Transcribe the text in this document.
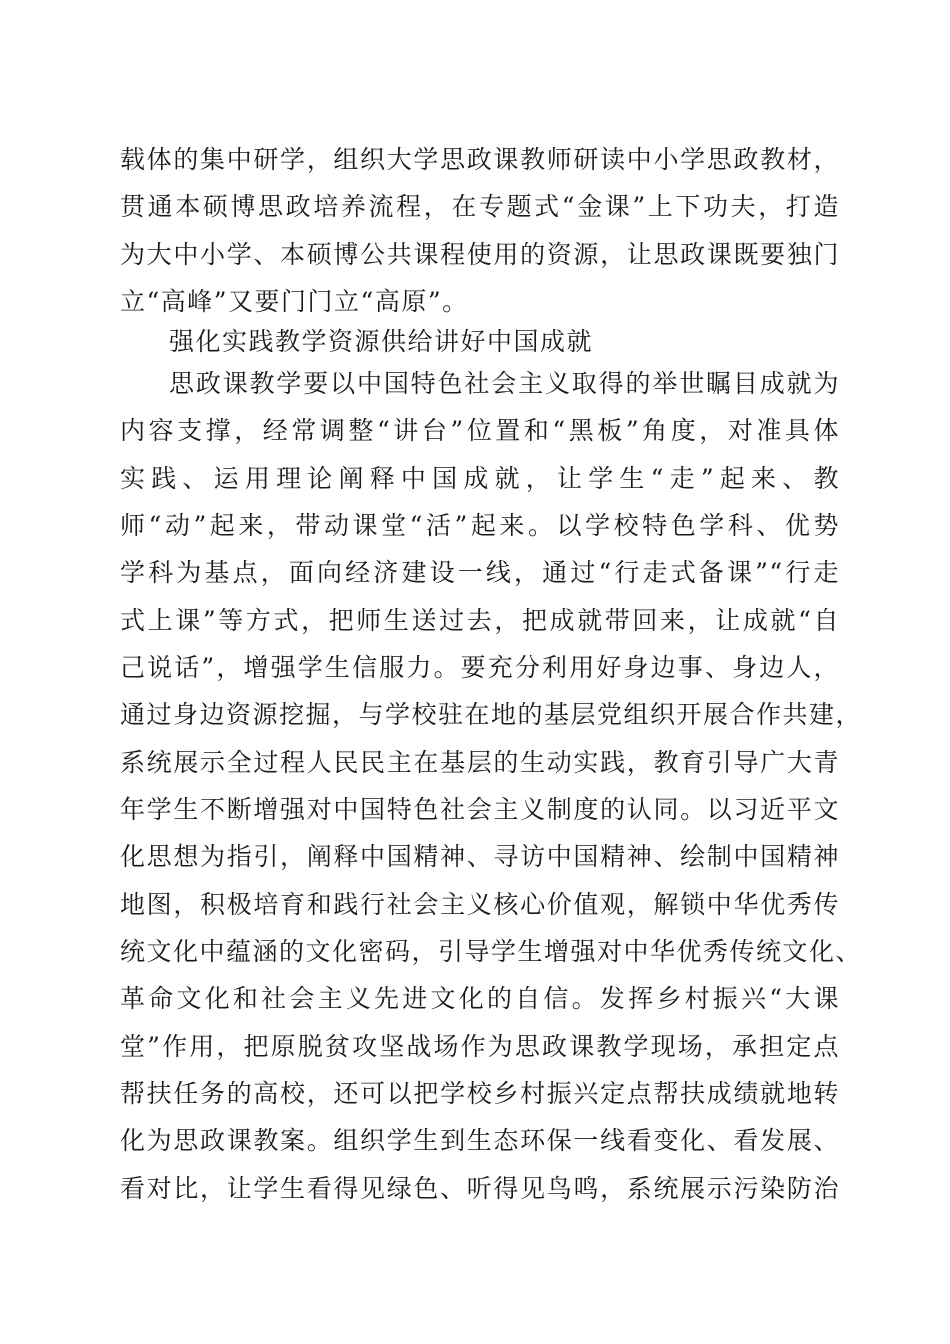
载体的集中研学，组织大学思政课教师研读中小学思政教材，
贯通本硕博思政培养流程，在专题式“金课”上下功夫，打造
为大中小学、本硕博公共课程使用的资源，让思政课既要独门
立“高峰”又要门门立“高原”。
强化实践教学资源供给讲好中国成就
思政课教学要以中国特色社会主义取得的举世瞩目成就为
内容支撑，经常调整“讲台”位置和“黑板”角度，对准具体
实践、运用理论阐释中国成就，让学生“走”起来、教
师“动”起来，带动课堂“活”起来。以学校特色学科、优势
学科为基点，面向经济建设一线，通过“行走式备课”“行走
式上课”等方式，把师生送过去，把成就带回来，让成就“自
己说话”，增强学生信服力。要充分利用好身边事、身边人，
通过身边资源挖掘，与学校驻在地的基层党组织开展合作共建，
系统展示全过程人民民主在基层的生动实践，教育引导广大青
年学生不断增强对中国特色社会主义制度的认同。以习近平文
化思想为指引，阐释中国精神、寻访中国精神、绘制中国精神
地图，积极培育和践行社会主义核心价值观，解锁中华优秀传
统文化中蕴涵的文化密码，引导学生增强对中华优秀传统文化、
革命文化和社会主义先进文化的自信。发挥乡村振兴“大课
堂”作用，把原脱贫攻坚战场作为思政课教学现场，承担定点
帮扶任务的高校，还可以把学校乡村振兴定点帮扶成绩就地转
化为思政课教案。组织学生到生态环保一线看变化、看发展、
看对比，让学生看得见绿色、听得见鸟鸣，系统展示污染防治
